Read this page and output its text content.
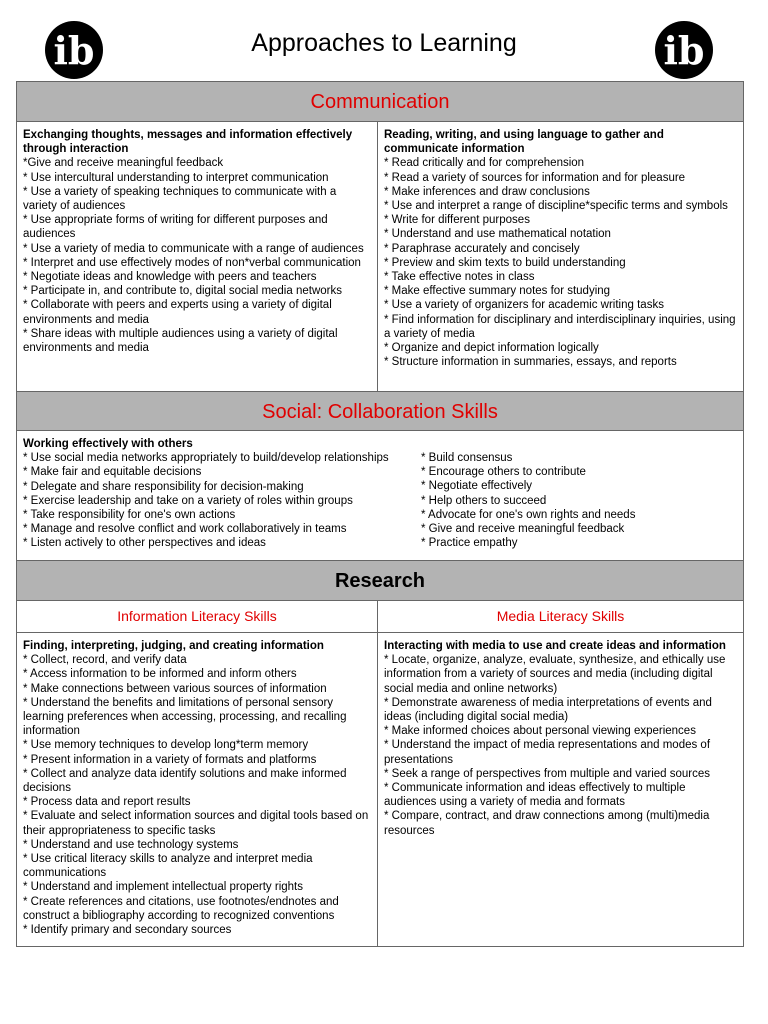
ib	ib
Approaches to Learning
Communication
Exchanging thoughts, messages and information effectively through interaction
*Give and receive meaningful feedback
* Use intercultural understanding to interpret communication
* Use a variety of speaking techniques to communicate with a variety of audiences
* Use appropriate forms of writing for different purposes and audiences
* Use a variety of media to communicate with a range of audiences
* Interpret and use effectively modes of non*verbal communication
* Negotiate ideas and knowledge with peers and teachers
* Participate in, and contribute to, digital social media networks
* Collaborate with peers and experts using a variety of digital environments and media
* Share ideas with multiple audiences using a variety of digital environments and media
Reading, writing, and using language to gather and communicate information
* Read critically and for comprehension
* Read a variety of sources for information and for pleasure
* Make inferences and draw conclusions
* Use and interpret a range of discipline*specific terms and symbols
* Write for different purposes
* Understand and use mathematical notation
* Paraphrase accurately and concisely
* Preview and skim texts to build understanding
* Take effective notes in class
* Make effective summary notes for studying
* Use a variety of organizers for academic writing tasks
* Find information for disciplinary and interdisciplinary inquiries, using a variety of media
* Organize and depict information logically
* Structure information in summaries, essays, and reports
Social: Collaboration Skills
Working effectively with others
* Use social media networks appropriately to build/develop relationships
* Make fair and equitable decisions
* Delegate and share responsibility for decision-making
* Exercise leadership and take on a variety of roles within groups
* Take responsibility for one's own actions
* Manage and resolve conflict and work collaboratively in teams
* Listen actively to other perspectives and ideas
* Build consensus
* Encourage others to contribute
* Negotiate effectively
* Help others to succeed
* Advocate for one's own rights and needs
* Give and receive meaningful feedback
* Practice empathy
Research
Information Literacy Skills	Media Literacy Skills
Finding, interpreting, judging, and creating information
* Collect, record, and verify data
* Access information to be informed and inform others
* Make connections between various sources of information
* Understand the benefits and limitations of personal sensory learning preferences when accessing, processing, and recalling information
* Use memory techniques to develop long*term memory
* Present information in a variety of formats and platforms
* Collect and analyze data identify solutions and make informed decisions
* Process data and report results
* Evaluate and select information sources and digital tools based on their appropriateness to specific tasks
* Understand and use technology systems
* Use critical literacy skills to analyze and interpret media communications
* Understand and implement intellectual property rights
* Create references and citations, use footnotes/endnotes and construct a bibliography according to recognized conventions
* Identify primary and secondary sources
Interacting with media to use and create ideas and information
* Locate, organize, analyze, evaluate, synthesize, and ethically use information from a variety of sources and media (including digital social media and online networks)
* Demonstrate awareness of media interpretations of events and ideas (including digital social media)
* Make informed choices about personal viewing experiences
* Understand the impact of media representations and modes of presentations
* Seek a range of perspectives from multiple and varied sources
* Communicate information and ideas effectively to multiple audiences using a variety of media and formats
* Compare, contract, and draw connections among (multi)media resources
